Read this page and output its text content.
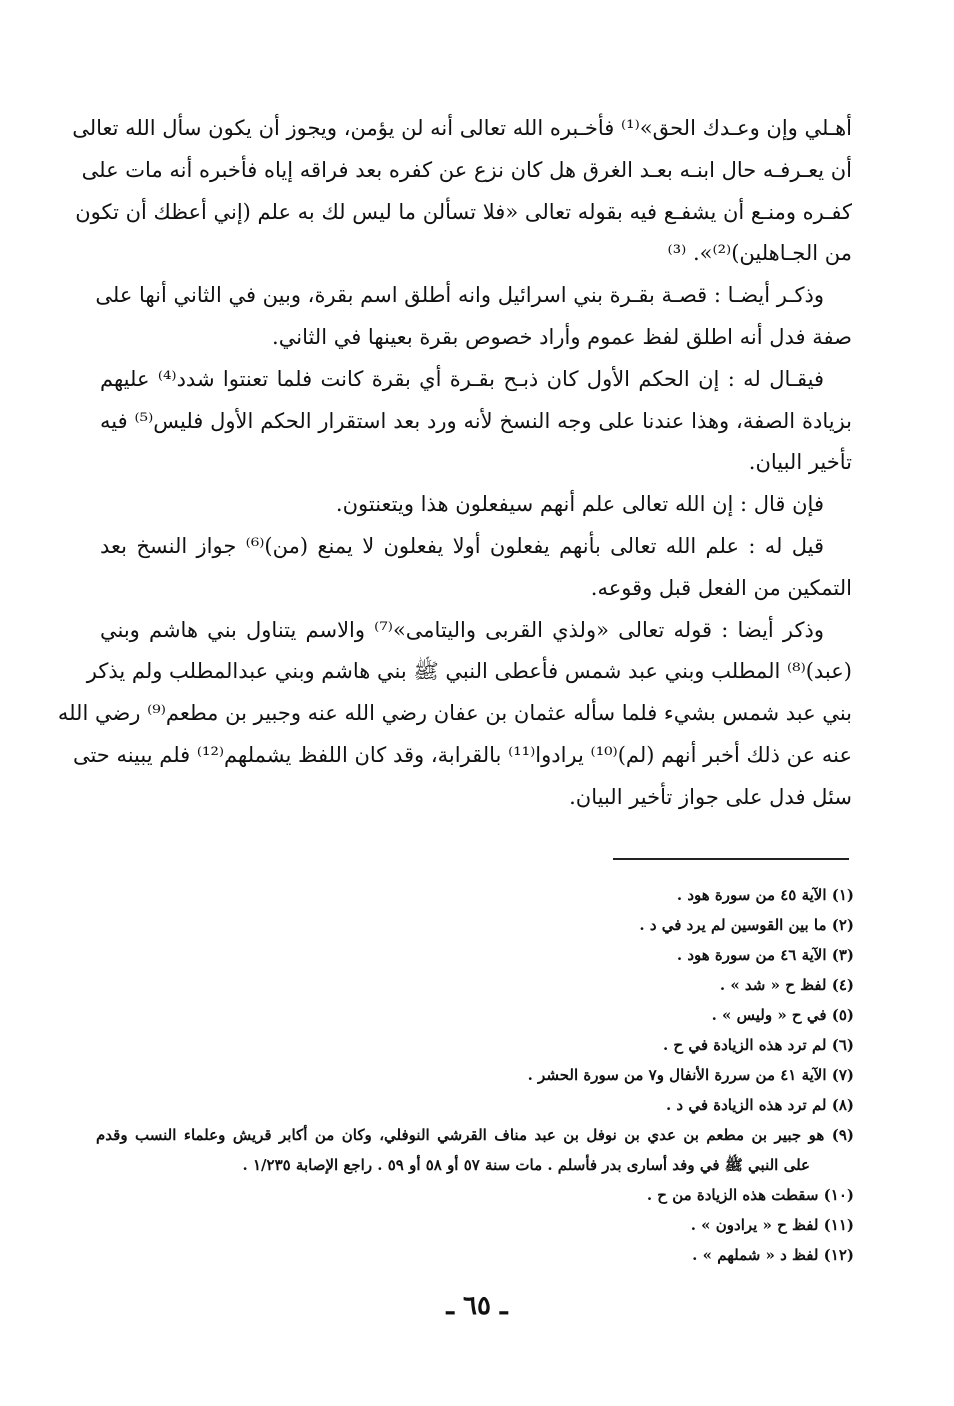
أهـلي وإن وعـدك الحق»⁽¹⁾ فأخـبره الله تعالى أنه لن يؤمن، ويجوز أن يكون سأل الله تعالى
أن يعـرفـه حال ابنـه بعـد الغرق هل كان نزع عن كفره بعد فراقه إياه فأخبره أنه مات على
كفـره ومنـع أن يشفـع فيه بقوله تعالى «فلا تسألن ما ليس لك به علم (إني أعظك أن تكون
من الجـاهلين)⁽²⁾». ⁽³⁾
وذكـر أيضـا : قصـة بقـرة بني اسرائيل وانه أطلق اسم بقرة، وبين في الثاني أنها على
صفة فدل أنه اطلق لفظ عموم وأراد خصوص بقرة بعينها في الثاني.
فيقـال له : إن الحكم الأول كان ذبـح بقـرة أي بقرة كانت فلما تعنتوا شدد⁽⁴⁾ عليهم
بزيادة الصفة، وهذا عندنا على وجه النسخ لأنه ورد بعد استقرار الحكم الأول فليس⁽⁵⁾ فيه
تأخير البيان.
فإن قال : إن الله تعالى علم أنهم سيفعلون هذا ويتعنتون.
قيل له : علم الله تعالى بأنهم يفعلون أولا يفعلون لا يمنع (من)⁽⁶⁾ جواز النسخ بعد
التمكين من الفعل قبل وقوعه.
وذكر أيضا : قوله تعالى «ولذي القربى واليتامى»⁽⁷⁾ والاسم يتناول بني هاشم وبني
(عبد)⁽⁸⁾ المطلب وبني عبد شمس فأعطى النبي ﷺ بني هاشم وبني عبدالمطلب ولم يذكر
بني عبد شمس بشيء فلما سأله عثمان بن عفان رضي الله عنه وجبير بن مطعم⁽⁹⁾ رضي الله
عنه عن ذلك أخبر أنهم (لم)⁽¹⁰⁾ يرادوا⁽¹¹⁾ بالقرابة، وقد كان اللفظ يشملهم⁽¹²⁾ فلم يبينه حتى
سئل فدل على جواز تأخير البيان.
(١) الآية ٤٥ من سورة هود .
(٢) ما بين القوسين لم يرد في د .
(٣) الآية ٤٦ من سورة هود .
(٤) لفظ ح « شد » .
(٥) في ح « وليس » .
(٦) لم ترد هذه الزيادة في ح .
(٧) الآية ٤١ من سررة الأنفال و٧ من سورة الحشر .
(٨) لم ترد هذه الزيادة في د .
(٩) هو جبير بن مطعم بن عدي بن نوفل بن عبد مناف القرشي النوفلي، وكان من أكابر قريش وعلماء النسب وقدم
على النبي ﷺ في وفد أسارى بدر فأسلم . مات سنة ٥٧ أو ٥٨ أو ٥٩ . راجع الإصابة ١/٢٣٥ .
(١٠) سقطت هذه الزيادة من ح .
(١١) لفظ ح « يرادون » .
(١٢) لفظ د « شملهم » .
ـ ٦٥ ـ
